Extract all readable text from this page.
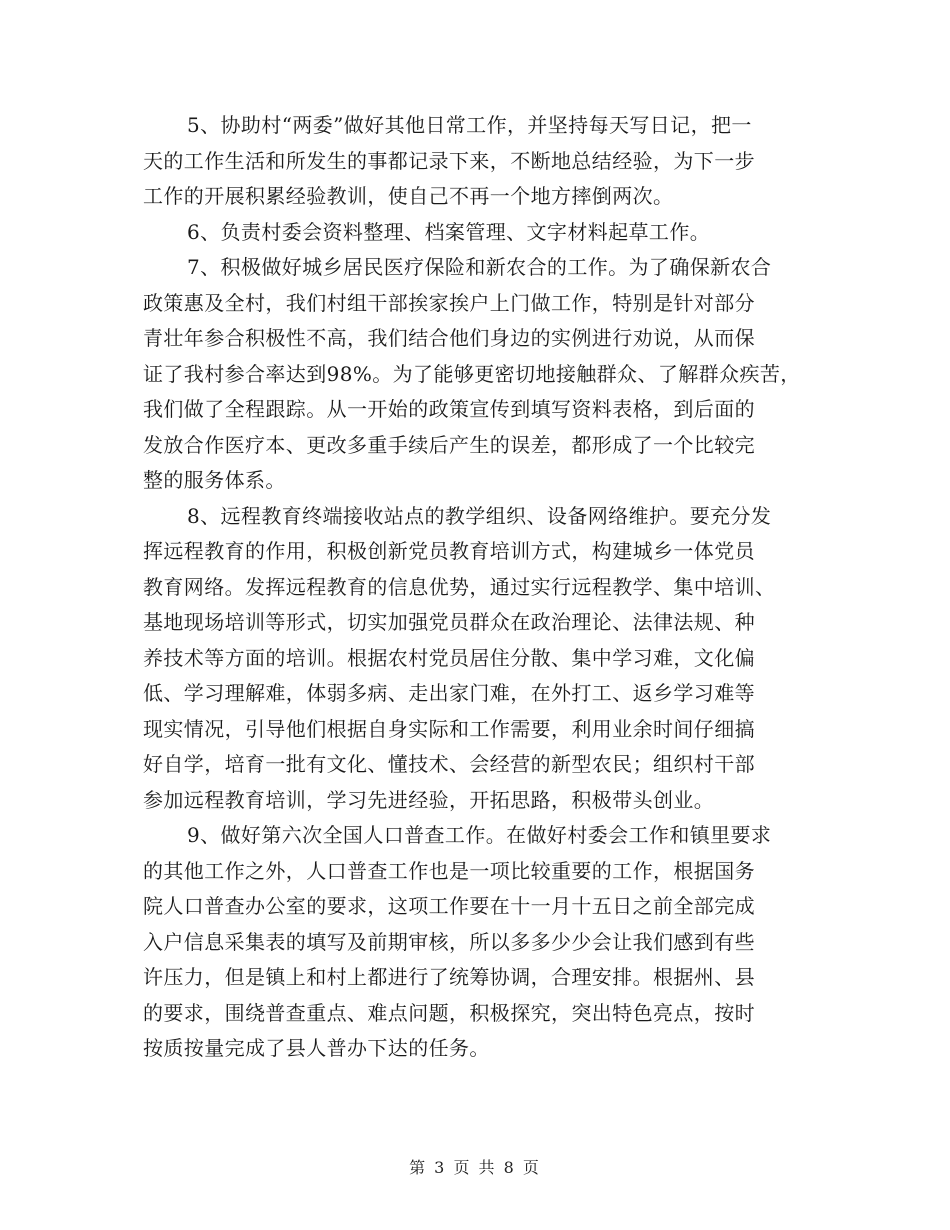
5、协助村“两委”做好其他日常工作，并坚持每天写日记，把一
天的工作生活和所发生的事都记录下来，不断地总结经验，为下一步
工作的开展积累经验教训，使自己不再一个地方摔倒两次。
6、负责村委会资料整理、档案管理、文字材料起草工作。
7、积极做好城乡居民医疗保险和新农合的工作。为了确保新农合
政策惠及全村，我们村组干部挨家挨户上门做工作，特别是针对部分
青壮年参合积极性不高，我们结合他们身边的实例进行劝说，从而保
证了我村参合率达到98%。为了能够更密切地接触群众、了解群众疾苦，
我们做了全程跟踪。从一开始的政策宣传到填写资料表格，到后面的
发放合作医疗本、更改多重手续后产生的误差，都形成了一个比较完
整的服务体系。
8、远程教育终端接收站点的教学组织、设备网络维护。要充分发
挥远程教育的作用，积极创新党员教育培训方式，构建城乡一体党员
教育网络。发挥远程教育的信息优势，通过实行远程教学、集中培训、
基地现场培训等形式，切实加强党员群众在政治理论、法律法规、种
养技术等方面的培训。根据农村党员居住分散、集中学习难，文化偏
低、学习理解难，体弱多病、走出家门难，在外打工、返乡学习难等
现实情况，引导他们根据自身实际和工作需要，利用业余时间仔细搞
好自学，培育一批有文化、懂技术、会经营的新型农民；组织村干部
参加远程教育培训，学习先进经验，开拓思路，积极带头创业。
9、做好第六次全国人口普查工作。在做好村委会工作和镇里要求
的其他工作之外，人口普查工作也是一项比较重要的工作，根据国务
院人口普查办公室的要求，这项工作要在十一月十五日之前全部完成
入户信息采集表的填写及前期审核，所以多多少少会让我们感到有些
许压力，但是镇上和村上都进行了统筹协调，合理安排。根据州、县
的要求，围绕普查重点、难点问题，积极探究，突出特色亮点，按时
按质按量完成了县人普办下达的任务。
第 3 页 共 8 页
